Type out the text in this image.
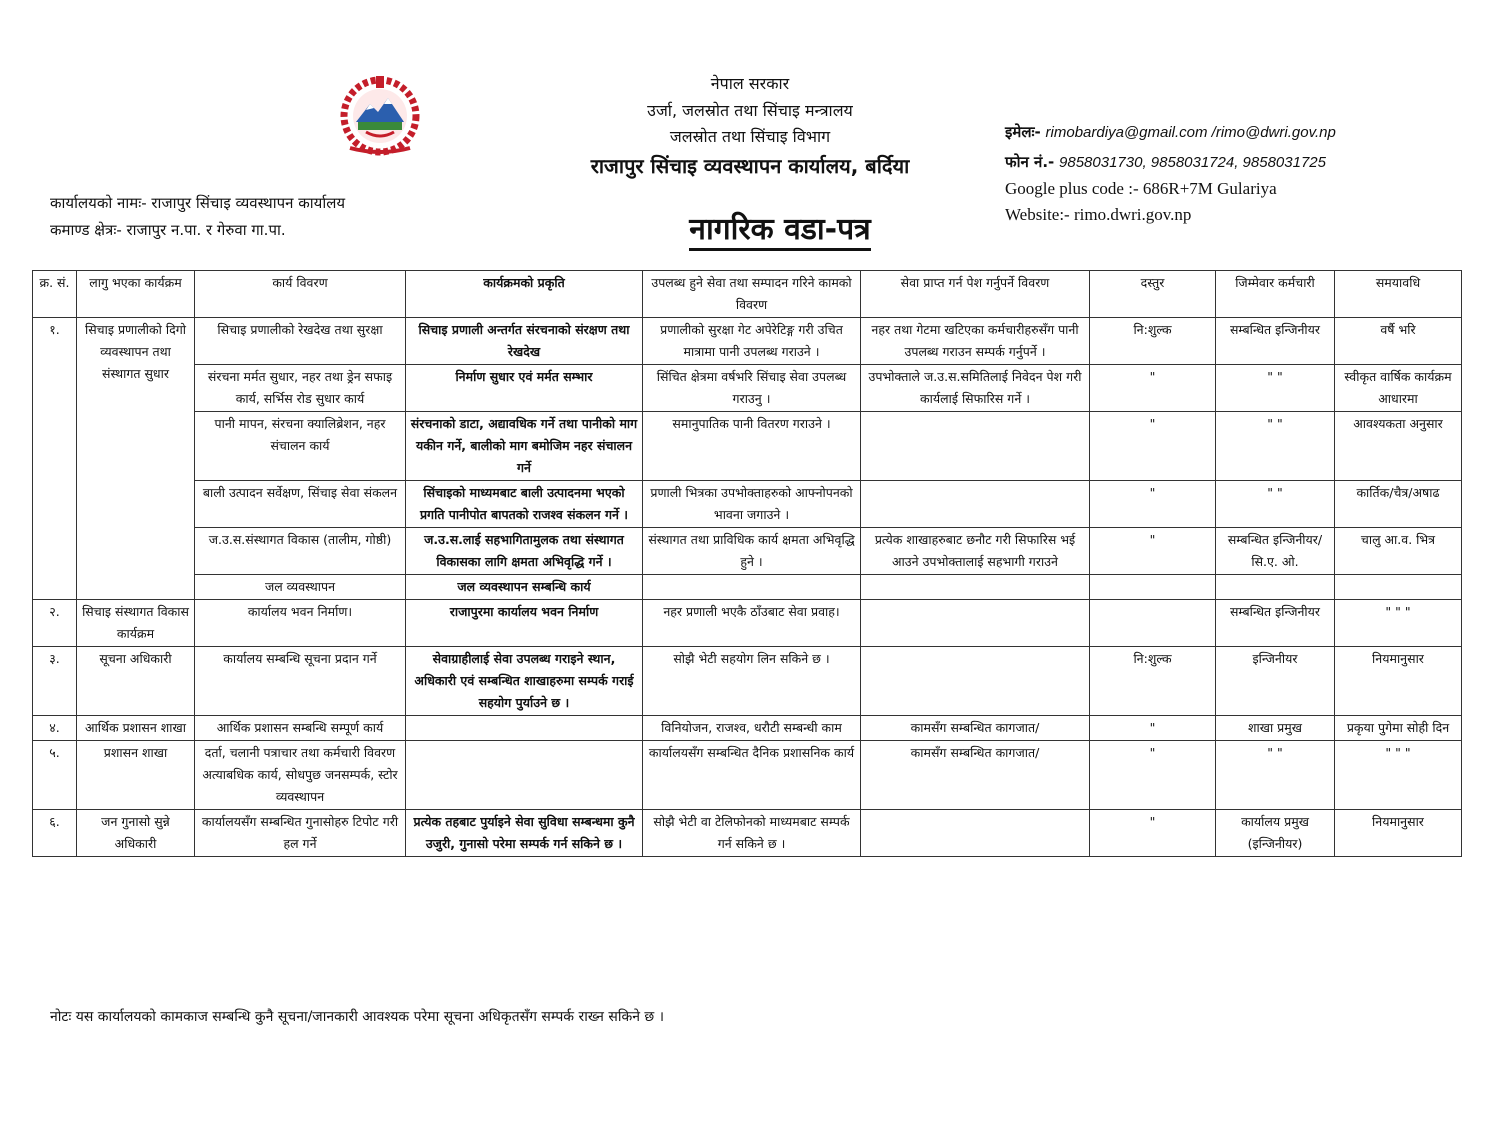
नेपाल सरकार
उर्जा, जलस्रोत तथा सिंचाइ मन्त्रालय
जलस्रोत तथा सिंचाइ विभाग
राजापुर सिंचाइ व्यवस्थापन कार्यालय, बर्दिया
कार्यालयको नामः- राजापुर सिंचाइ व्यवस्थापन कार्यालय
कमाण्ड क्षेत्रः- राजापुर न.पा. र गेरुवा गा.पा.	नागरिक वडा-पत्र
इमेलः- rimobardiya@gmail.com /rimo@dwri.gov.np
फोन नं.- 9858031730, 9858031724, 9858031725
Google plus code :- 686R+7M Gulariya
Website:- rimo.dwri.gov.np
क्र. सं.	लागु भएका कार्यक्रम	कार्य विवरण	कार्यक्रमको प्रकृति	उपलब्ध हुने सेवा तथा सम्पादन गरिने कामको विवरण	सेवा प्राप्त गर्न पेश गर्नुपर्ने विवरण	दस्तुर	जिम्मेवार कर्मचारी	समयावधि
१.	सिचाइ प्रणालीको दिगो व्यवस्थापन तथा संस्थागत सुधार	सिचाइ प्रणालीको रेखदेख तथा सुरक्षा	सिचाइ प्रणाली अन्तर्गत संरचनाको संरक्षण तथा रेखदेख	प्रणालीको सुरक्षा गेट अपेरेटिङ्ग गरी उचित मात्रामा पानी उपलब्ध गराउने ।	नहर तथा गेटमा खटिएका कर्मचारीहरुसँग पानी उपलब्ध गराउन सम्पर्क गर्नुपर्ने ।	नि:शुल्क	सम्बन्धित इन्जिनीयर	वर्षै भरि
		संरचना मर्मत सुधार, नहर तथा ड्रेन सफाइ कार्य, सर्भिस रोड सुधार कार्य	निर्माण सुधार एवं मर्मत सम्भार	सिंचित क्षेत्रमा वर्षभरि सिंचाइ सेवा उपलब्ध गराउनु ।	उपभोक्ताले ज.उ.स.समितिलाई निवेदन पेश गरी कार्यलाई सिफारिस गर्ने ।	"	" "	स्वीकृत वार्षिक कार्यक्रम आधारमा
		पानी मापन, संरचना क्यालिब्रेशन, नहर संचालन कार्य	संरचनाको डाटा, अद्यावधिक गर्ने तथा पानीको माग यकीन गर्ने, बालीको माग बमोजिम नहर संचालन गर्ने	समानुपातिक पानी वितरण गराउने ।		"	" "	आवश्यकता अनुसार
		बाली उत्पादन सर्वेक्षण, सिंचाइ सेवा संकलन	सिंचाइको माध्यमबाट बाली उत्पादनमा भएको प्रगति पानीपोत बापतको राजश्व संकलन गर्ने ।	प्रणाली भित्रका उपभोक्ताहरुको आफ्नोपनको भावना जगाउने ।		"	" "	कार्तिक/चैत्र/अषाढ
		ज.उ.स.संस्थागत विकास (तालीम, गोष्ठी)	ज.उ.स.लाई सहभागितामुलक तथा संस्थागत विकासका लागि क्षमता अभिवृद्धि गर्ने ।	संस्थागत तथा प्राविधिक कार्य क्षमता अभिवृद्धि हुने ।	प्रत्येक शाखाहरुबाट छनौट गरी सिफारिस भई आउने उपभोक्तालाई सहभागी गराउने	"	सम्बन्धित इन्जिनीयर/सि.ए. ओ.	चालु आ.व. भित्र
		जल व्यवस्थापन	जल व्यवस्थापन सम्बन्धि कार्य					
२.	सिचाइ संस्थागत विकास कार्यक्रम	कार्यालय भवन निर्माण।	राजापुरमा कार्यालय भवन निर्माण	नहर प्रणाली भएकै ठाँउबाट सेवा प्रवाह।			सम्बन्धित इन्जिनीयर	" " "
३.	सूचना अधिकारी	कार्यालय सम्बन्धि सूचना प्रदान गर्ने	सेवाग्राहीलाई सेवा उपलब्ध गराइने स्थान, अधिकारी एवं सम्बन्धित शाखाहरुमा सम्पर्क गराई सहयोग पुर्याउने छ ।	सोझै भेटी सहयोग लिन सकिने छ ।		नि:शुल्क	इन्जिनीयर	नियमानुसार
४.	आर्थिक प्रशासन शाखा	आर्थिक प्रशासन सम्बन्धि सम्पूर्ण कार्य		विनियोजन, राजश्व, धरौटी सम्बन्धी काम	कामसँग सम्बन्धित कागजात/	"	शाखा प्रमुख	प्रकृया पुगेमा सोही दिन
५.	प्रशासन शाखा	दर्ता, चलानी पत्राचार तथा कर्मचारी विवरण अत्याबधिक कार्य, सोधपुछ जनसम्पर्क, स्टोर व्यवस्थापन		कार्यालयसँग सम्बन्धित दैनिक प्रशासनिक कार्य	कामसँग सम्बन्धित कागजात/	"	" "	" " "
६.	जन गुनासो सुन्ने अधिकारी	कार्यालयसँग सम्बन्धित गुनासोहरु टिपोट गरी हल गर्ने	प्रत्येक तहबाट पुर्याइने सेवा सुविधा सम्बन्धमा कुनै उजुरी, गुनासो परेमा सम्पर्क गर्न सकिने छ ।	सोझै भेटी वा टेलिफोनको माध्यमबाट सम्पर्क गर्न सकिने छ ।		"	कार्यालय प्रमुख (इन्जिनीयर)	नियमानुसार
नोटः यस कार्यालयको कामकाज सम्बन्धि कुनै सूचना/जानकारी आवश्यक परेमा सूचना अधिकृतसँग सम्पर्क राख्न सकिने छ ।
